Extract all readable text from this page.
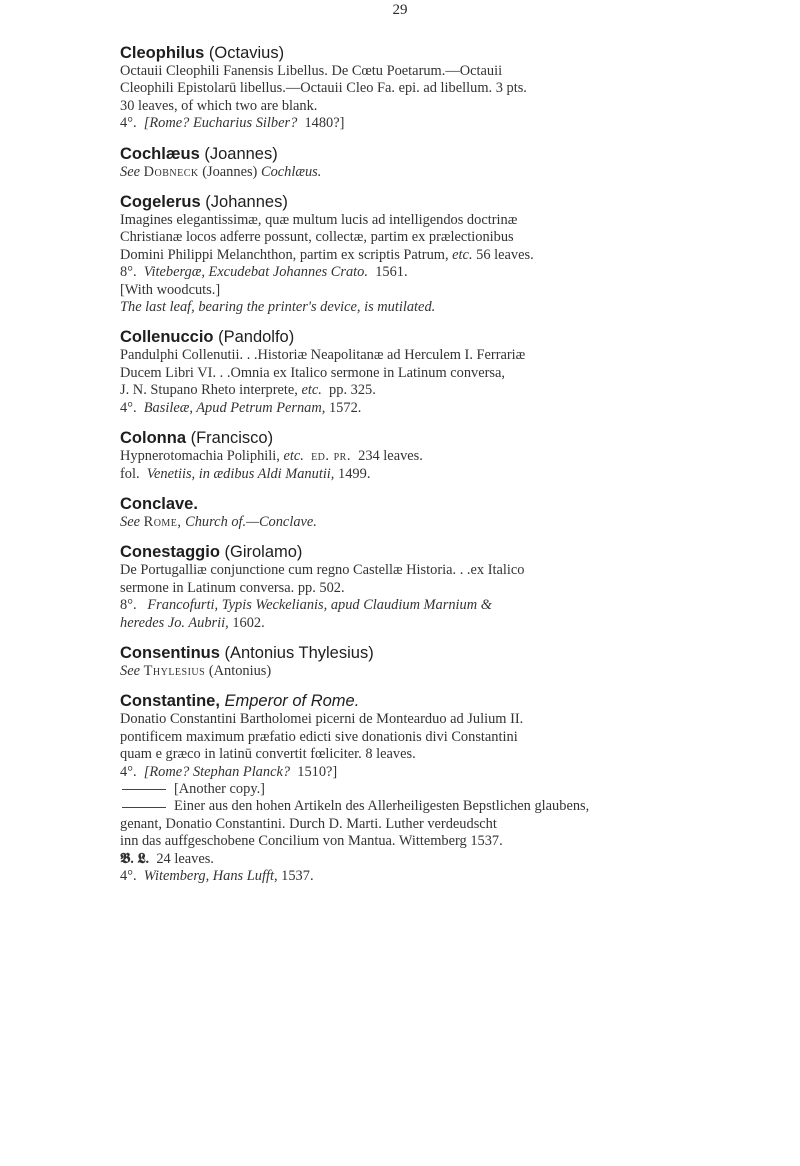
29
Cleophilus (Octavius)

Octauii Cleophili Fanensis Libellus. De Cœtu Poetarum.—Octauii

Cleophili Epistolarū libellus.—Octauii Cleo Fa. epi. ad libellum. 3 pts.

30 leaves, of which two are blank.

4°. [Rome? Eucharius Silber? 1480?]

Cochlæus (Joannes)

See Dobneck (Joannes) Cochlæus.

Cogelerus (Johannes)

Imagines elegantissimæ, quæ multum lucis ad intelligendos doctrinæ

Christianæ locos adferre possunt, collectæ, partim ex prælectionibus

Domini Philippi Melanchthon, partim ex scriptis Patrum, etc. 56 leaves.

8°. Vitebergæ, Excudebat Johannes Crato. 1561.

[With woodcuts.]

The last leaf, bearing the printer's device, is mutilated.

Collenuccio (Pandolfo)

Pandulphi Collenutii. . .Historiæ Neapolitanæ ad Herculem I. Ferrariæ

Ducem Libri VI. . .Omnia ex Italico sermone in Latinum conversa,

J. N. Stupano Rheto interprete, etc. pp. 325.

4°. Basileæ, Apud Petrum Pernam, 1572.

Colonna (Francisco)

Hypnerotomachia Poliphili, etc. ed. pr. 234 leaves.

fol. Venetiis, in ædibus Aldi Manutii, 1499.

Conclave.

See Rome, Church of.—Conclave.

Conestaggio (Girolamo)

De Portugalliæ conjunctione cum regno Castellæ Historia. . .ex Italico

sermone in Latinum conversa. pp. 502.

8°. Francofurti, Typis Weckelianis, apud Claudium Marnium &

heredes Jo. Aubrii, 1602.

Consentinus (Antonius Thylesius)

See Thylesius (Antonius)

Constantine, Emperor of Rome.

Donatio Constantini Bartholomei picerni de Montearduo ad Julium II.

pontificem maximum præfatio edicti sive donationis divi Constantini

quam e græco in latinū convertit fœliciter. 8 leaves.

4°. [Rome? Stephan Planck? 1510?]

[Another copy.]

Einer aus den hohen Artikeln des Allerheiligesten Bepstlichen glaubens,

genant, Donatio Constantini. Durch D. Marti. Luther verdeudscht

inn das auffgeschobene Concilium von Mantua. Wittemberg 1537.

𝕭. 𝕷. 24 leaves.

4°. Witemberg, Hans Lufft, 1537.
